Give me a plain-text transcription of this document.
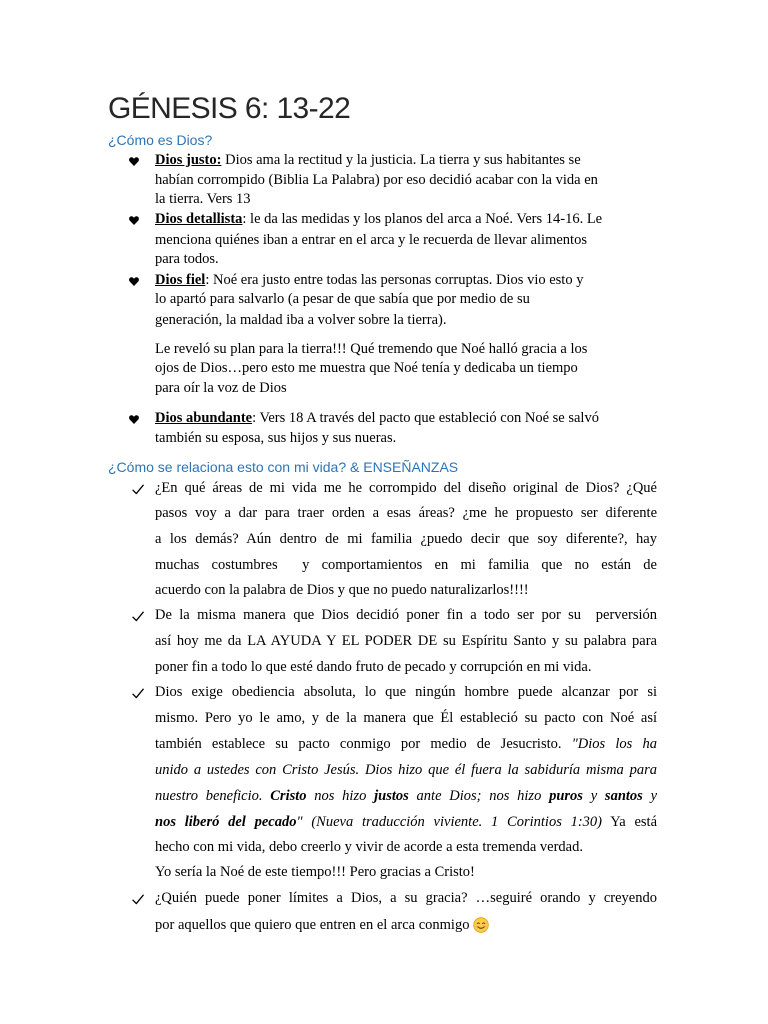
GÉNESIS 6: 13-22
¿Cómo es Dios?
Dios justo: Dios ama la rectitud y la justicia. La tierra y sus habitantes se
habían corrompido (Biblia La Palabra) por eso decidió acabar con la vida en
la tierra. Vers 13
Dios detallista: le da las medidas y los planos del arca a Noé. Vers 14-16. Le
menciona quiénes iban a entrar en el arca y le recuerda de llevar alimentos
para todos.
Dios fiel: Noé era justo entre todas las personas corruptas. Dios vio esto y
lo apartó para salvarlo (a pesar de que sabía que por medio de su
generación, la maldad iba a volver sobre la tierra).
Le reveló su plan para la tierra!!! Qué tremendo que Noé halló gracia a los
ojos de Dios…pero esto me muestra que Noé tenía y dedicaba un tiempo
para oír la voz de Dios
Dios abundante: Vers 18 A través del pacto que estableció con Noé se salvó
también su esposa, sus hijos y sus nueras.
¿Cómo se relaciona esto con mi vida? & ENSEÑANZAS
¿En qué áreas de mi vida me he corrompido del diseño original de Dios? ¿Qué
pasos voy a dar para traer orden a esas áreas? ¿me he propuesto ser diferente
a los demás? Aún dentro de mi familia ¿puedo decir que soy diferente?, hay
muchas costumbres  y comportamientos en mi familia que no están de
acuerdo con la palabra de Dios y que no puedo naturalizarlos!!!!
De la misma manera que Dios decidió poner fin a todo ser por su  perversión
así hoy me da LA AYUDA Y EL PODER DE su Espíritu Santo y su palabra para
poner fin a todo lo que esté dando fruto de pecado y corrupción en mi vida.
Dios exige obediencia absoluta, lo que ningún hombre puede alcanzar por si
mismo. Pero yo le amo, y de la manera que Él estableció su pacto con Noé así
también establece su pacto conmigo por medio de Jesucristo. "Dios los ha
unido a ustedes con Cristo Jesús. Dios hizo que él fuera la sabiduría misma para
nuestro beneficio. Cristo nos hizo justos ante Dios; nos hizo puros y santos y
nos liberó del pecado" (Nueva traducción viviente. 1 Corintios 1:30) Ya está
hecho con mi vida, debo creerlo y vivir de acorde a esta tremenda verdad.
Yo sería la Noé de este tiempo!!! Pero gracias a Cristo!
¿Quién puede poner límites a Dios, a su gracia? …seguiré orando y creyendo
por aquellos que quiero que entren en el arca conmigo
